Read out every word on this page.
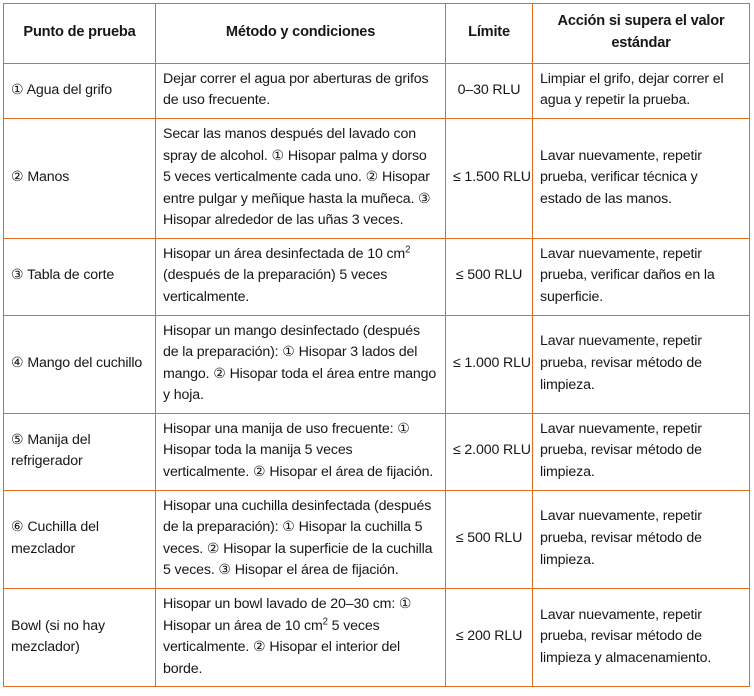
Punto de prueba	Método y condiciones	Límite	Acción si supera el valor estándar
① Agua del grifo	Dejar correr el agua por aberturas de grifos de uso frecuente.	0–30 RLU	Limpiar el grifo, dejar correr el agua y repetir la prueba.
② Manos	Secar las manos después del lavado con spray de alcohol. ① Hisopar palma y dorso 5 veces verticalmente cada uno. ② Hisopar entre pulgar y meñique hasta la muñeca. ③ Hisopar alrededor de las uñas 3 veces.	≤ 1.500 RLU	Lavar nuevamente, repetir prueba, verificar técnica y estado de las manos.
③ Tabla de corte	Hisopar un área desinfectada de 10 $cm^2$ (después de la preparación) 5 veces verticalmente.	≤ 500 RLU	Lavar nuevamente, repetir prueba, verificar daños en la superficie.
④ Mango del cuchillo	Hisopar un mango desinfectado (después de la preparación): ① Hisopar 3 lados del mango. ② Hisopar toda el área entre mango y hoja.	≤ 1.000 RLU	Lavar nuevamente, repetir prueba, revisar método de limpieza.
⑤ Manija del refrigerador	Hisopar una manija de uso frecuente: ① Hisopar toda la manija 5 veces verticalmente. ② Hisopar el área de fijación.	≤ 2.000 RLU	Lavar nuevamente, repetir prueba, revisar método de limpieza.
⑥ Cuchilla del mezclador	Hisopar una cuchilla desinfectada (después de la preparación): ① Hisopar la cuchilla 5 veces. ② Hisopar la superficie de la cuchilla 5 veces. ③ Hisopar el área de fijación.	≤ 500 RLU	Lavar nuevamente, repetir prueba, revisar método de limpieza.
Bowl (si no hay mezclador)	Hisopar un bowl lavado de 20–30 cm: ① Hisopar un área de 10 $cm^2$ 5 veces verticalmente. ② Hisopar el interior del borde.	≤ 200 RLU	Lavar nuevamente, repetir prueba, revisar método de limpieza y almacenamiento.
